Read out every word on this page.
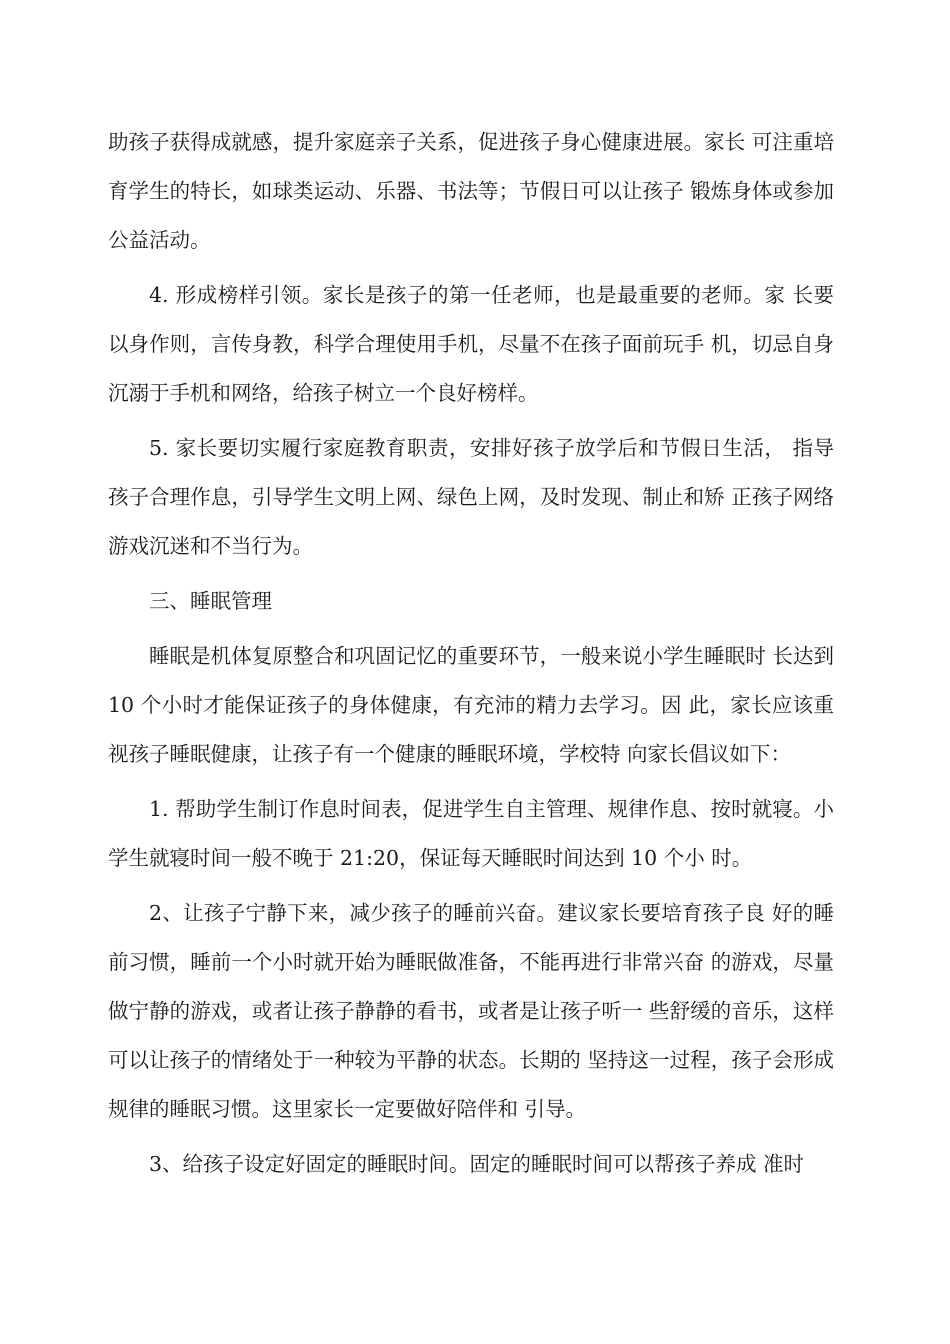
助孩子获得成就感，提升家庭亲子关系，促进孩子身心健康进展。家长 可注重培育学生的特长，如球类运动、乐器、书法等；节假日可以让孩子 锻炼身体或参加公益活动。

4. 形成榜样引领。家长是孩子的第一任老师，也是最重要的老师。家 长要以身作则，言传身教，科学合理使用手机，尽量不在孩子面前玩手 机，切忌自身沉溺于手机和网络，给孩子树立一个良好榜样。

5. 家长要切实履行家庭教育职责，安排好孩子放学后和节假日生活， 指导孩子合理作息，引导学生文明上网、绿色上网，及时发现、制止和矫 正孩子网络游戏沉迷和不当行为。

三、睡眠管理

睡眠是机体复原整合和巩固记忆的重要环节，一般来说小学生睡眠时 长达到 10 个小时才能保证孩子的身体健康，有充沛的精力去学习。因 此，家长应该重视孩子睡眠健康，让孩子有一个健康的睡眠环境，学校特 向家长倡议如下：

1. 帮助学生制订作息时间表，促进学生自主管理、规律作息、按时就寝。小学生就寝时间一般不晚于 21:20，保证每天睡眠时间达到 10 个小 时。

2、让孩子宁静下来，减少孩子的睡前兴奋。建议家长要培育孩子良 好的睡前习惯，睡前一个小时就开始为睡眠做准备，不能再进行非常兴奋 的游戏，尽量做宁静的游戏，或者让孩子静静的看书，或者是让孩子听一 些舒缓的音乐，这样可以让孩子的情绪处于一种较为平静的状态。长期的 坚持这一过程，孩子会形成规律的睡眠习惯。这里家长一定要做好陪伴和 引导。

3、给孩子设定好固定的睡眠时间。固定的睡眠时间可以帮孩子养成 准时
